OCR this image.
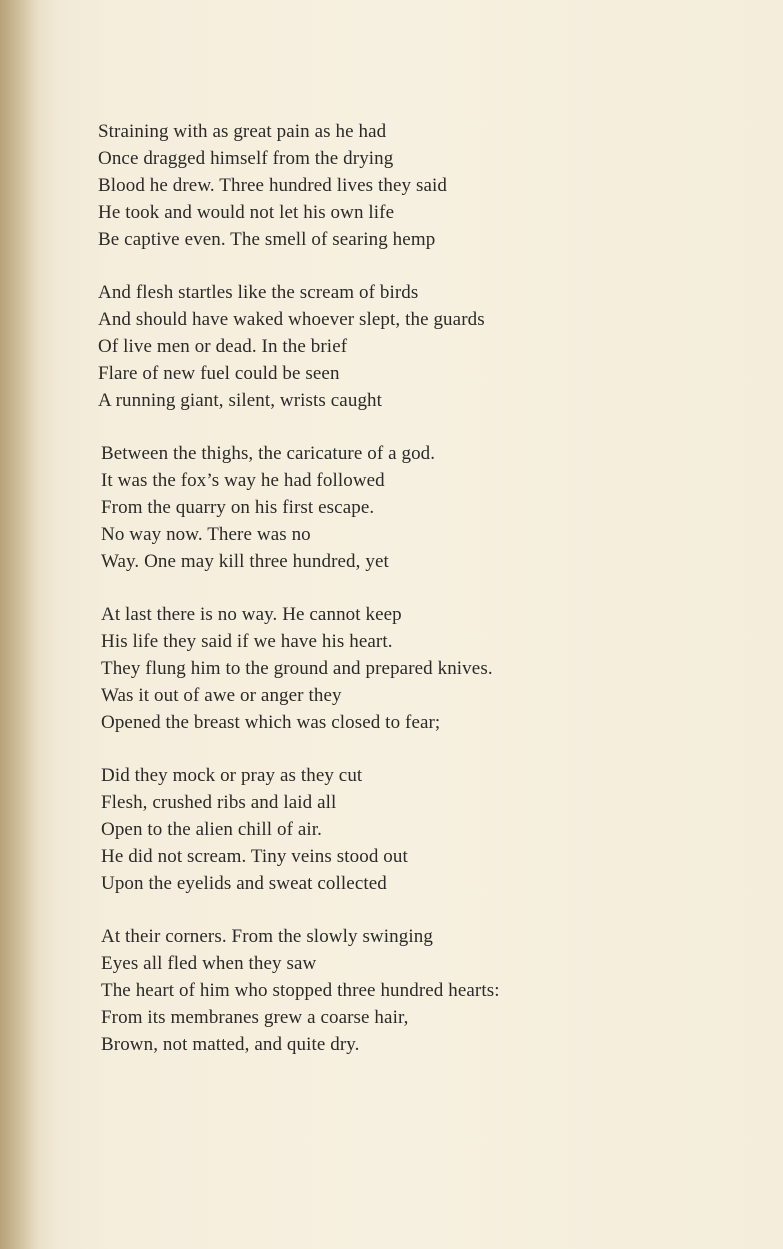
Straining with as great pain as he had
Once dragged himself from the drying
Blood he drew. Three hundred lives they said
He took and would not let his own life
Be captive even. The smell of searing hemp
And flesh startles like the scream of birds
And should have waked whoever slept, the guards
Of live men or dead. In the brief
Flare of new fuel could be seen
A running giant, silent, wrists caught
Between the thighs, the caricature of a god.
It was the fox’s way he had followed
From the quarry on his first escape.
No way now. There was no
Way. One may kill three hundred, yet
At last there is no way. He cannot keep
His life they said if we have his heart.
They flung him to the ground and prepared knives.
Was it out of awe or anger they
Opened the breast which was closed to fear;
Did they mock or pray as they cut
Flesh, crushed ribs and laid all
Open to the alien chill of air.
He did not scream. Tiny veins stood out
Upon the eyelids and sweat collected
At their corners. From the slowly swinging
Eyes all fled when they saw
The heart of him who stopped three hundred hearts:
From its membranes grew a coarse hair,
Brown, not matted, and quite dry.
